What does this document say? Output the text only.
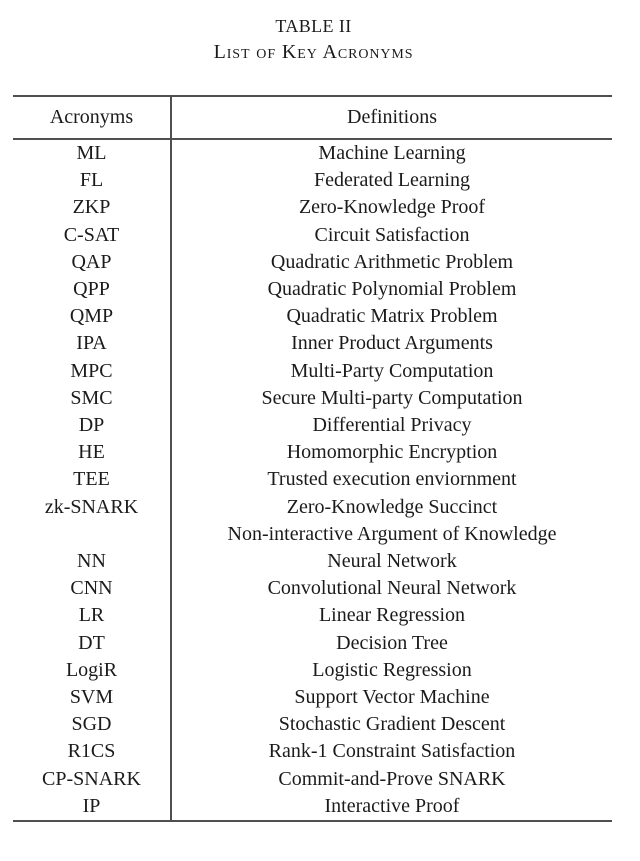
TABLE II
List of Key Acronyms
Acronyms	Definitions
ML	Machine Learning
FL	Federated Learning
ZKP	Zero-Knowledge Proof
C-SAT	Circuit Satisfaction
QAP	Quadratic Arithmetic Problem
QPP	Quadratic Polynomial Problem
QMP	Quadratic Matrix Problem
IPA	Inner Product Arguments
MPC	Multi-Party Computation
SMC	Secure Multi-party Computation
DP	Differential Privacy
HE	Homomorphic Encryption
TEE	Trusted execution enviornment
zk-SNARK	Zero-Knowledge Succinct
Non-interactive Argument of Knowledge
NN	Neural Network
CNN	Convolutional Neural Network
LR	Linear Regression
DT	Decision Tree
LogiR	Logistic Regression
SVM	Support Vector Machine
SGD	Stochastic Gradient Descent
R1CS	Rank-1 Constraint Satisfaction
CP-SNARK	Commit-and-Prove SNARK
IP	Interactive Proof
